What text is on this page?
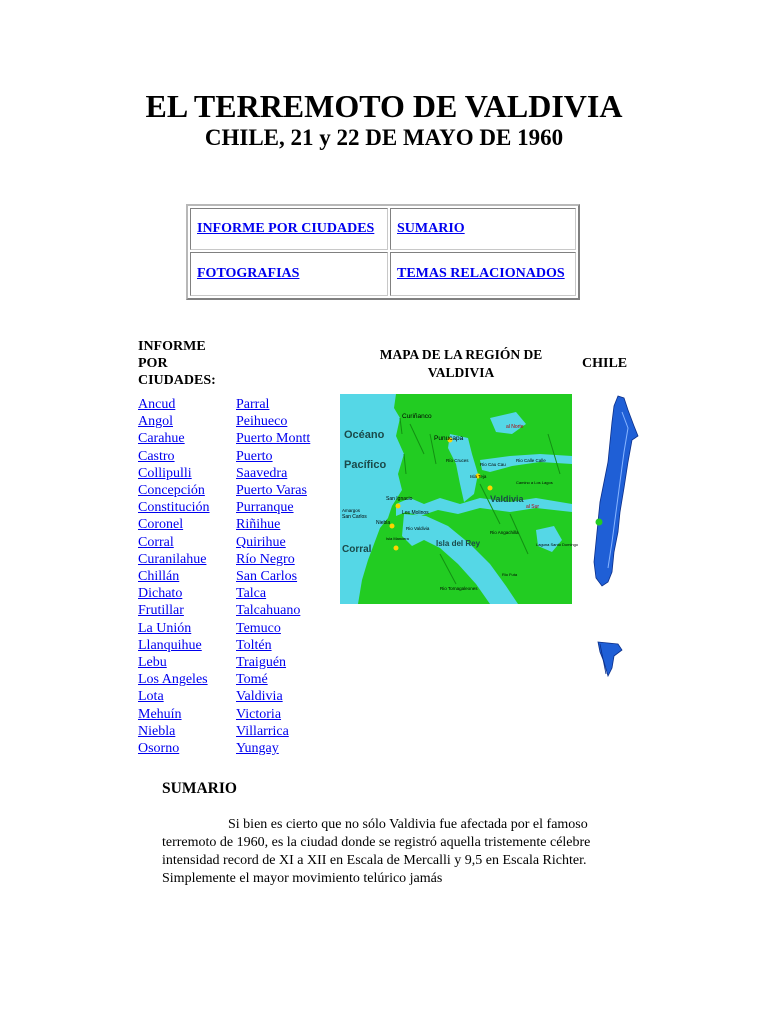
EL TERREMOTO DE VALDIVIA
CHILE, 21 y 22 DE MAYO DE 1960
INFORME POR CIUDADES SUMARIO
FOTOGRAFIAS	TEMAS RELACIONADOS
INFORME POR CIUDADES:
MAPA DE LA REGIÓN DE VALDIVIA
CHILE
Ancud
Angol
Carahue
Castro
Collipulli
Concepción
Constitución
Coronel
Corral
Curanilahue
Chillán
Dichato
Frutillar
La Unión
Llanquihue
Lebu
Los Angeles
Lota
Mehuín
Niebla
Osorno
Parral
Peihueco
Puerto Montt
Puerto
Saavedra
Puerto Varas
Purranque
Riñihue
Quirihue
Río Negro
San Carlos
Talca
Talcahuano
Temuco
Toltén
Traiguén
Tomé
Valdivia
Victoria
Villarrica
Yungay
Océano
Pacífico
Curiñanco
Punucapa
al Norte
Río Cruces
Rio Cau Cau
Rio Calle Calle
Isla Teja
Camino a Los Lagos
Valdivia
San Ignacio
Los Molinos
Amargos
San Carlos
Niebla
Rio Valdivia
al Sur
Corral
Isla del Rey
Rio Angachilla
Laguna Santo Domingo
Isla Mancera
Rio Tornagaleones
Rio Futa
SUMARIO
Si bien es cierto que no sólo Valdivia fue afectada por el famoso terremoto de 1960, es la ciudad donde se registró aquella tristemente célebre intensidad record de XI a XII en Escala de Mercalli y 9,5 en Escala Richter. Simplemente el mayor movimiento telúrico jamás
